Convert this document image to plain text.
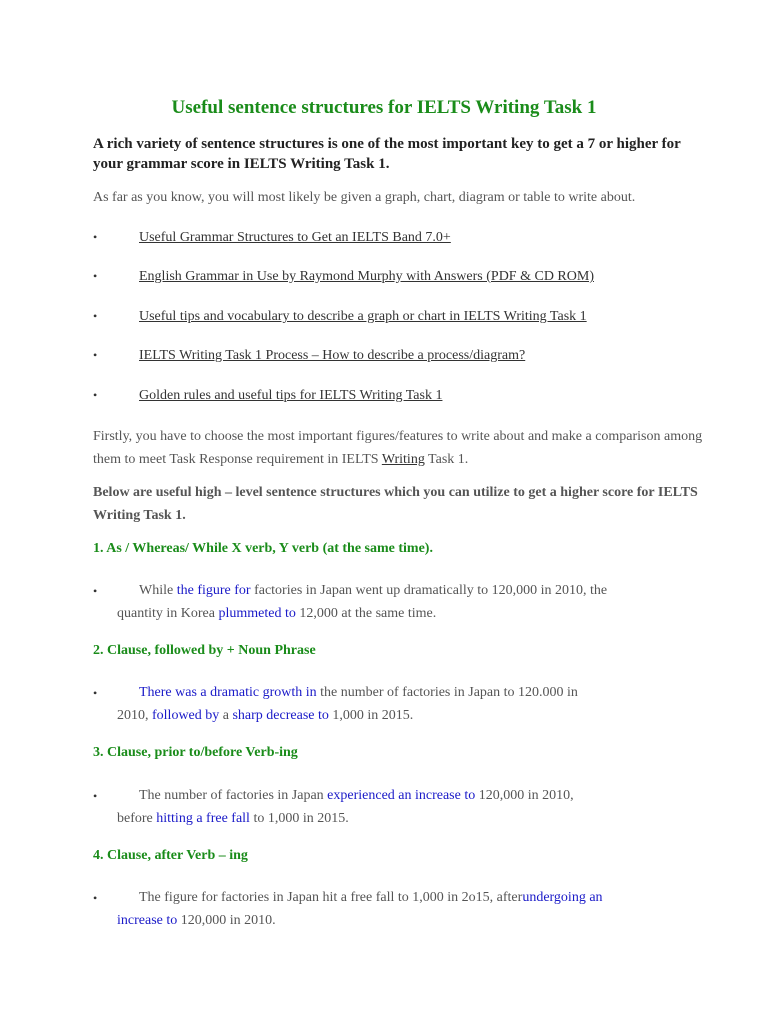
Useful sentence structures for IELTS Writing Task 1
A rich variety of sentence structures is one of the most important key to get a 7 or higher for your grammar score in IELTS Writing Task 1.
As far as you know, you will most likely be given a graph, chart, diagram or table to write about.
•	Useful Grammar Structures to Get an IELTS Band 7.0+
•	English Grammar in Use by Raymond Murphy with Answers (PDF & CD ROM)
•	Useful tips and vocabulary to describe a graph or chart in IELTS Writing Task 1
•	IELTS Writing Task 1 Process – How to describe a process/diagram?
•	Golden rules and useful tips for IELTS Writing Task 1
Firstly, you have to choose the most important figures/features to write about and make a comparison among them to meet Task Response requirement in IELTS Writing Task 1.
Below are useful high – level sentence structures which you can utilize to get a higher score for IELTS Writing Task 1.
1. As / Whereas/ While X verb, Y verb (at the same time).
•	While the figure for factories in Japan went up dramatically to 120,000 in 2010, the
quantity in Korea plummeted to 12,000 at the same time.
2. Clause, followed by + Noun Phrase
•	There was a dramatic growth in the number of factories in Japan to 120.000 in
2010, followed by a sharp decrease to 1,000 in 2015.
3. Clause, prior to/before Verb-ing
•	The number of factories in Japan experienced an increase to 120,000 in 2010,
before hitting a free fall to 1,000 in 2015.
4. Clause, after Verb – ing
•	The figure for factories in Japan hit a free fall to 1,000 in 2o15, afterundergoing an
increase to 120,000 in 2010.
